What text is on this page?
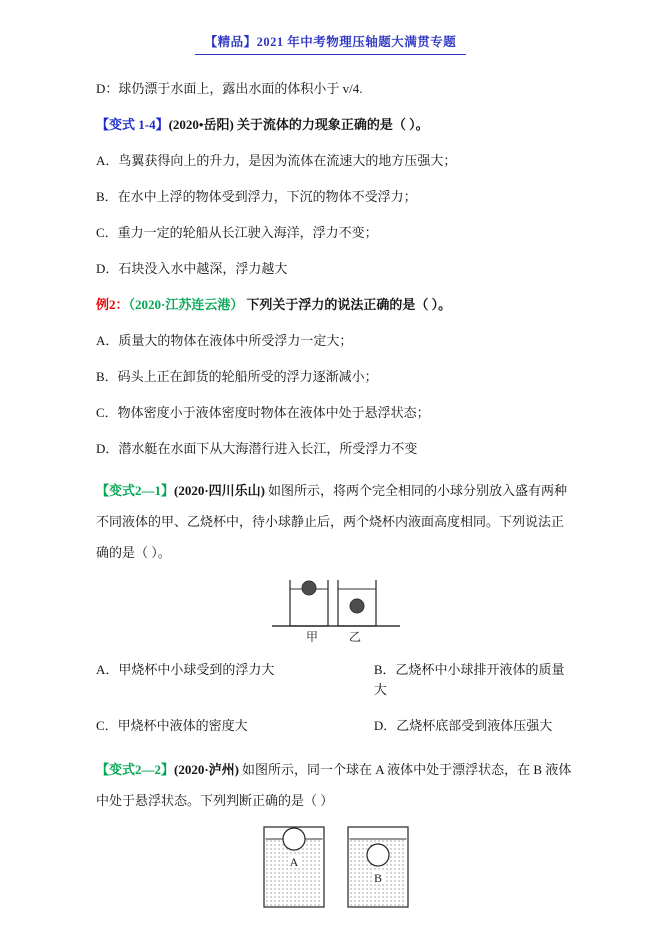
【精品】2021 年中考物理压轴题大满贯专题

D：球仍漂于水面上，露出水面的体积小于 v/4.

【变式 1-4】(2020•岳阳) 关于流体的力现象正确的是（ ）。

A．鸟翼获得向上的升力，是因为流体在流速大的地方压强大；

B．在水中上浮的物体受到浮力，下沉的物体不受浮力；

C．重力一定的轮船从长江驶入海洋，浮力不变；

D．石块没入水中越深，浮力越大

例2：（2020·江苏连云港） 下列关于浮力的说法正确的是（ ）。

A．质量大的物体在液体中所受浮力一定大；

B．码头上正在卸货的轮船所受的浮力逐渐减小；

C．物体密度小于液体密度时物体在液体中处于悬浮状态；

D．潜水艇在水面下从大海潜行进入长江，所受浮力不变

【变式2—1】(2020·四川乐山) 如图所示，将两个完全相同的小球分别放入盛有两种不同液体的甲、乙烧杯中，待小球静止后，两个烧杯内液面高度相同。下列说法正确的是（ ）。

甲	乙

A．甲烧杯中小球受到的浮力大	B．乙烧杯中小球排开液体的质量大

C．甲烧杯中液体的密度大	D．乙烧杯底部受到液体压强大

【变式2—2】(2020·泸州) 如图所示，同一个球在 A 液体中处于漂浮状态，在 B 液体中处于悬浮状态。下列判断正确的是（ ）

A
B
